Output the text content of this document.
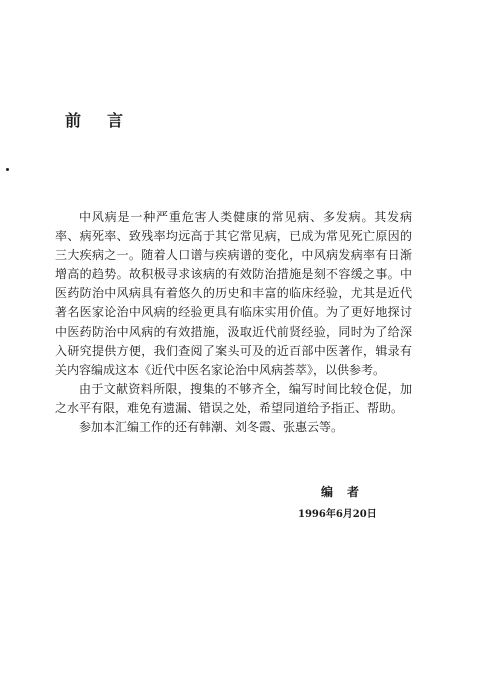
前言

中风病是一种严重危害人类健康的常见病、多发病。其发病率、病死率、致残率均远高于其它常见病，已成为常见死亡原因的三大疾病之一。随着人口谱与疾病谱的变化，中风病发病率有日渐增高的趋势。故积极寻求该病的有效防治措施是刻不容缓之事。中医药防治中风病具有着悠久的历史和丰富的临床经验，尤其是近代著名医家论治中风病的经验更具有临床实用价值。为了更好地探讨中医药防治中风病的有效措施，汲取近代前贤经验，同时为了给深入研究提供方便，我们查阅了案头可及的近百部中医著作，辑录有关内容编成这本《近代中医名家论治中风病荟萃》，以供参考。

由于文献资料所限，搜集的不够齐全，编写时间比较仓促，加之水平有限，难免有遗漏、错误之处，希望同道给予指正、帮助。

参加本汇编工作的还有韩潮、刘冬霞、张惠云等。

编者
1996年6月20日
